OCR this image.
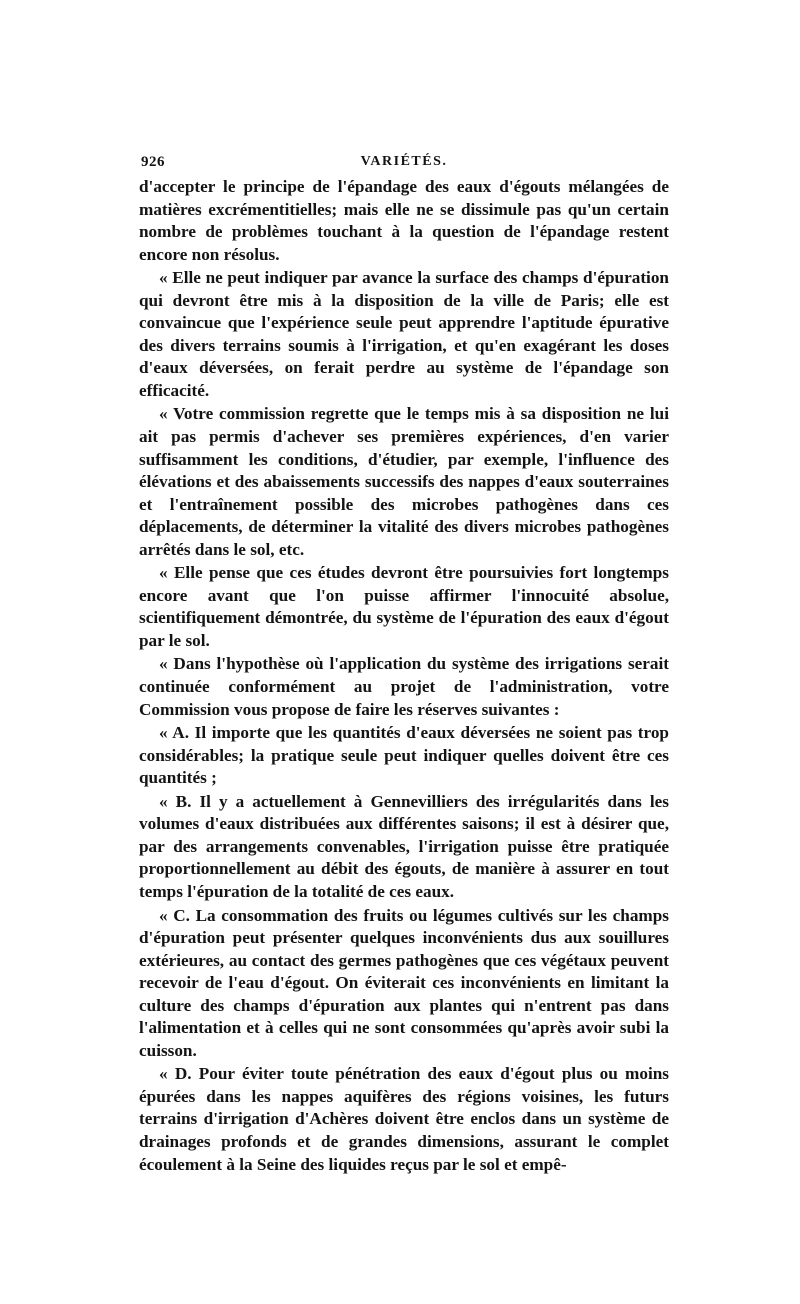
926	VARIÉTÉS.

d'accepter le principe de l'épandage des eaux d'égouts mélangées de matières excrémentitielles; mais elle ne se dissimule pas qu'un certain nombre de problèmes touchant à la question de l'épandage restent encore non résolus.

« Elle ne peut indiquer par avance la surface des champs d'épuration qui devront être mis à la disposition de la ville de Paris; elle est convaincue que l'expérience seule peut apprendre l'aptitude épurative des divers terrains soumis à l'irrigation, et qu'en exagérant les doses d'eaux déversées, on ferait perdre au système de l'épandage son efficacité.

« Votre commission regrette que le temps mis à sa disposition ne lui ait pas permis d'achever ses premières expériences, d'en varier suffisamment les conditions, d'étudier, par exemple, l'influence des élévations et des abaissements successifs des nappes d'eaux souterraines et l'entraînement possible des microbes pathogènes dans ces déplacements, de déterminer la vitalité des divers microbes pathogènes arrêtés dans le sol, etc.

« Elle pense que ces études devront être poursuivies fort longtemps encore avant que l'on puisse affirmer l'innocuité absolue, scientifiquement démontrée, du système de l'épuration des eaux d'égout par le sol.

« Dans l'hypothèse où l'application du système des irrigations serait continuée conformément au projet de l'administration, votre Commission vous propose de faire les réserves suivantes :

« A. Il importe que les quantités d'eaux déversées ne soient pas trop considérables; la pratique seule peut indiquer quelles doivent être ces quantités ;

« B. Il y a actuellement à Gennevilliers des irrégularités dans les volumes d'eaux distribuées aux différentes saisons; il est à désirer que, par des arrangements convenables, l'irrigation puisse être pratiquée proportionnellement au débit des égouts, de manière à assurer en tout temps l'épuration de la totalité de ces eaux.

« C. La consommation des fruits ou légumes cultivés sur les champs d'épuration peut présenter quelques inconvénients dus aux souillures extérieures, au contact des germes pathogènes que ces végétaux peuvent recevoir de l'eau d'égout. On éviterait ces inconvénients en limitant la culture des champs d'épuration aux plantes qui n'entrent pas dans l'alimentation et à celles qui ne sont consommées qu'après avoir subi la cuisson.

« D. Pour éviter toute pénétration des eaux d'égout plus ou moins épurées dans les nappes aquifères des régions voisines, les futurs terrains d'irrigation d'Achères doivent être enclos dans un système de drainages profonds et de grandes dimensions, assurant le complet écoulement à la Seine des liquides reçus par le sol et empê-
